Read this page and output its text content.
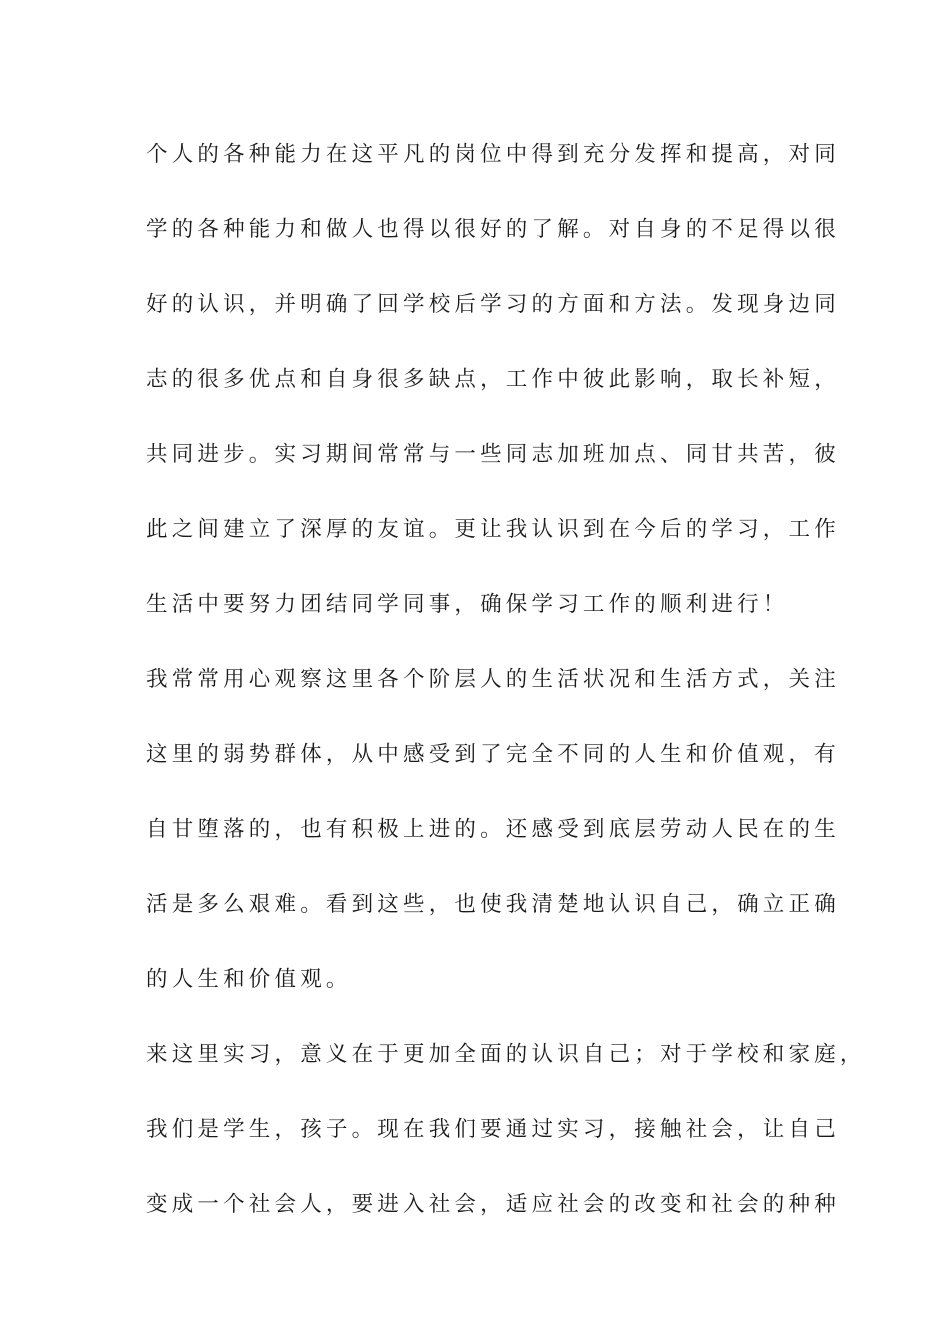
个人的各种能力在这平凡的岗位中得到充分发挥和提高，对同
学的各种能力和做人也得以很好的了解。对自身的不足得以很
好的认识，并明确了回学校后学习的方面和方法。发现身边同
志的很多优点和自身很多缺点，工作中彼此影响，取长补短，
共同进步。实习期间常常与一些同志加班加点、同甘共苦，彼
此之间建立了深厚的友谊。更让我认识到在今后的学习，工作
生活中要努力团结同学同事，确保学习工作的顺利进行！
我常常用心观察这里各个阶层人的生活状况和生活方式，关注
这里的弱势群体，从中感受到了完全不同的人生和价值观，有
自甘堕落的，也有积极上进的。还感受到底层劳动人民在的生
活是多么艰难。看到这些，也使我清楚地认识自己，确立正确
的人生和价值观。
来这里实习，意义在于更加全面的认识自己；对于学校和家庭，
我们是学生，孩子。现在我们要通过实习，接触社会，让自己
变成一个社会人，要进入社会，适应社会的改变和社会的种种
